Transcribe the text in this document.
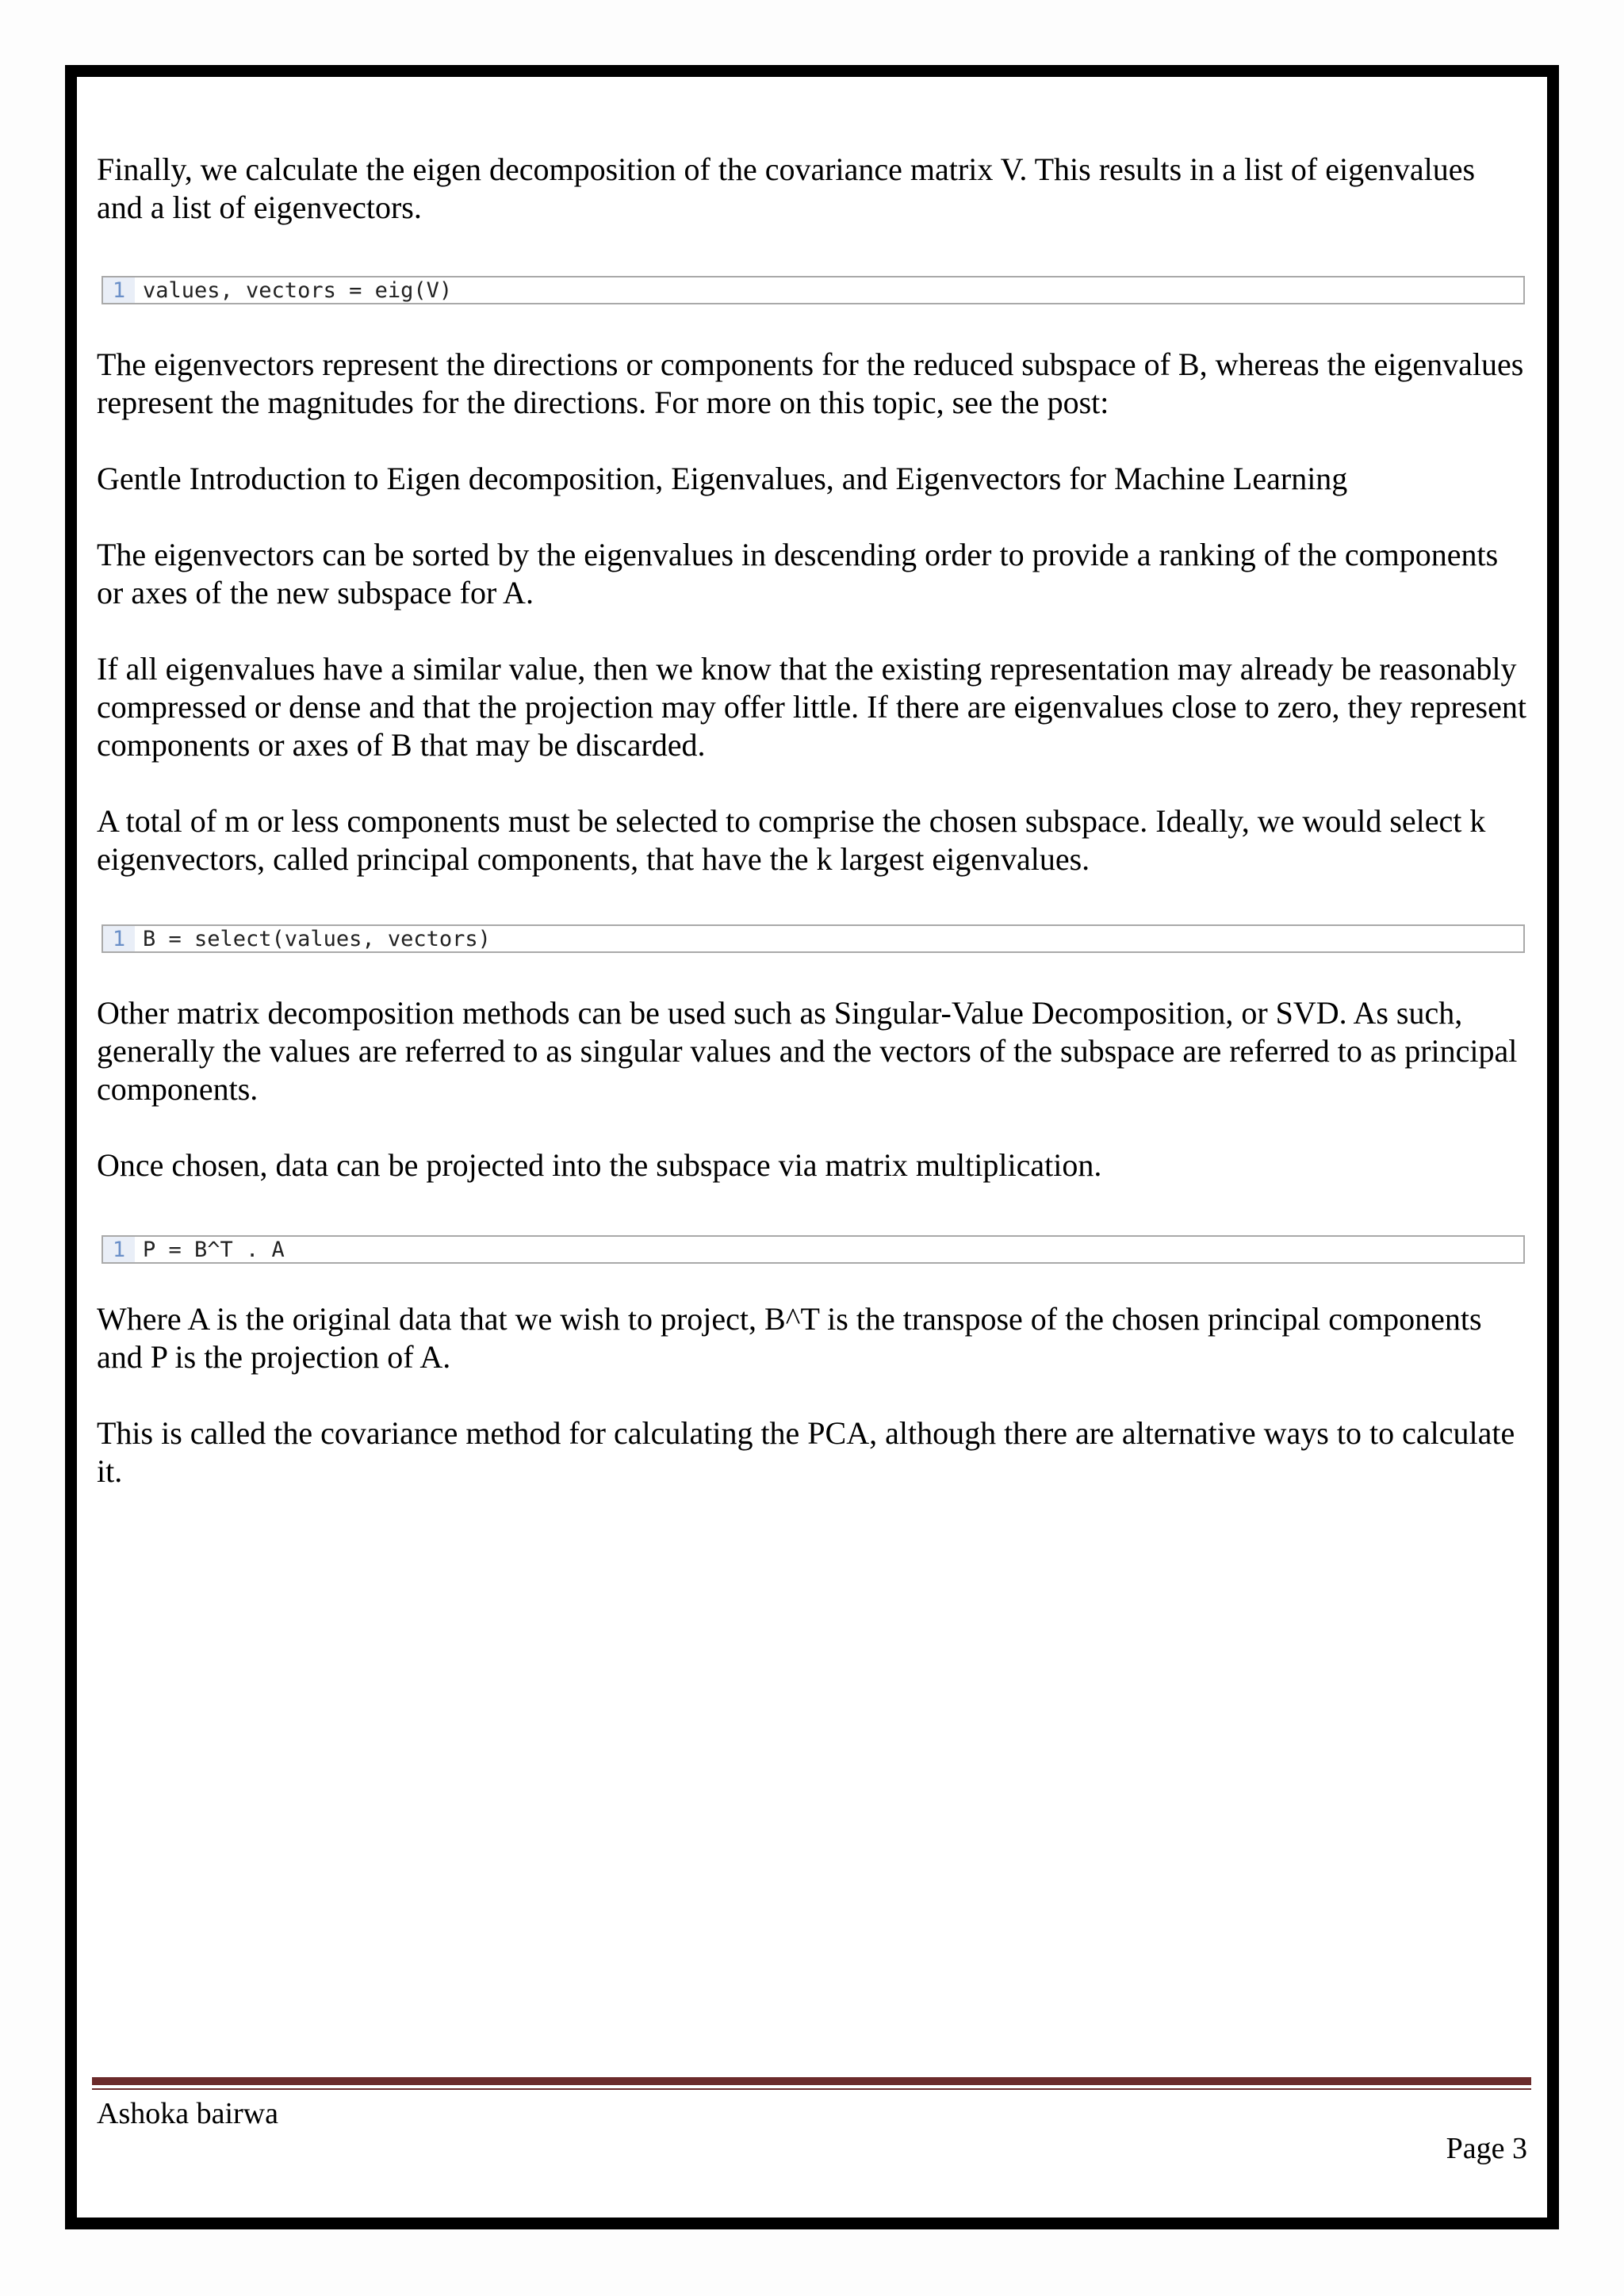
Finally, we calculate the eigen decomposition of the covariance matrix V. This results in a list of eigenvalues and a list of eigenvectors.

The eigenvectors represent the directions or components for the reduced subspace of B, whereas the eigenvalues represent the magnitudes for the directions. For more on this topic, see the post:

Gentle Introduction to Eigen decomposition, Eigenvalues, and Eigenvectors for Machine Learning

The eigenvectors can be sorted by the eigenvalues in descending order to provide a ranking of the components or axes of the new subspace for A.

If all eigenvalues have a similar value, then we know that the existing representation may already be reasonably compressed or dense and that the projection may offer little. If there are eigenvalues close to zero, they represent components or axes of B that may be discarded.

A total of m or less components must be selected to comprise the chosen subspace. Ideally, we would select k eigenvectors, called principal components, that have the k largest eigenvalues.

Other matrix decomposition methods can be used such as Singular-Value Decomposition, or SVD. As such, generally the values are referred to as singular values and the vectors of the subspace are referred to as principal components.

Once chosen, data can be projected into the subspace via matrix multiplication.

Where A is the original data that we wish to project, B^T is the transpose of the chosen principal components and P is the projection of A.

This is called the covariance method for calculating the PCA, although there are alternative ways to to calculate it.

1 values, vectors = eig(V)
1 B = select(values, vectors)
1 P = B^T . A
Ashoka bairwa
Page 3
